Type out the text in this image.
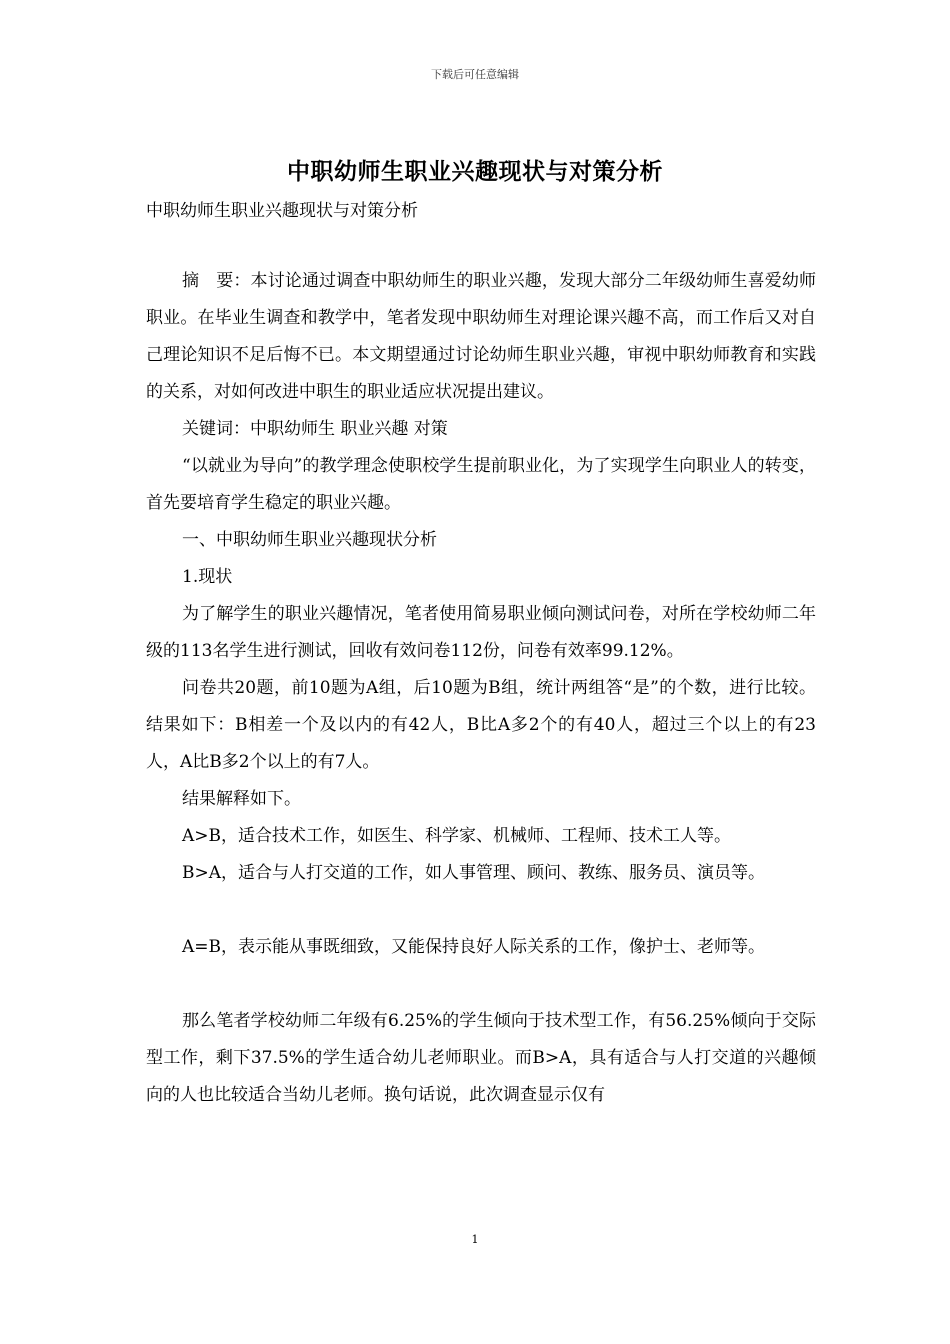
下载后可任意编辑
中职幼师生职业兴趣现状与对策分析

中职幼师生职业兴趣现状与对策分析

摘　要：本讨论通过调查中职幼师生的职业兴趣，发现大部分二年级幼师生喜爱幼师职业。在毕业生调查和教学中，笔者发现中职幼师生对理论课兴趣不高，而工作后又对自己理论知识不足后悔不已。本文期望通过讨论幼师生职业兴趣，审视中职幼师教育和实践的关系，对如何改进中职生的职业适应状况提出建议。

关键词：中职幼师生 职业兴趣 对策

“以就业为导向”的教学理念使职校学生提前职业化，为了实现学生向职业人的转变，首先要培育学生稳定的职业兴趣。

一、中职幼师生职业兴趣现状分析

1.现状

为了解学生的职业兴趣情况，笔者使用简易职业倾向测试问卷，对所在学校幼师二年级的113名学生进行测试，回收有效问卷112份，问卷有效率99.12%。

问卷共20题，前10题为A组，后10题为B组，统计两组答“是”的个数，进行比较。结果如下：B相差一个及以内的有42人，B比A多2个的有40人，超过三个以上的有23人，A比B多2个以上的有7人。

结果解释如下。

A>B，适合技术工作，如医生、科学家、机械师、工程师、技术工人等。

B>A，适合与人打交道的工作，如人事管理、顾问、教练、服务员、演员等。

A=B，表示能从事既细致，又能保持良好人际关系的工作，像护士、老师等。

那么笔者学校幼师二年级有6.25%的学生倾向于技术型工作，有56.25%倾向于交际型工作，剩下37.5%的学生适合幼儿老师职业。而B>A，具有适合与人打交道的兴趣倾向的人也比较适合当幼儿老师。换句话说，此次调查显示仅有

1
